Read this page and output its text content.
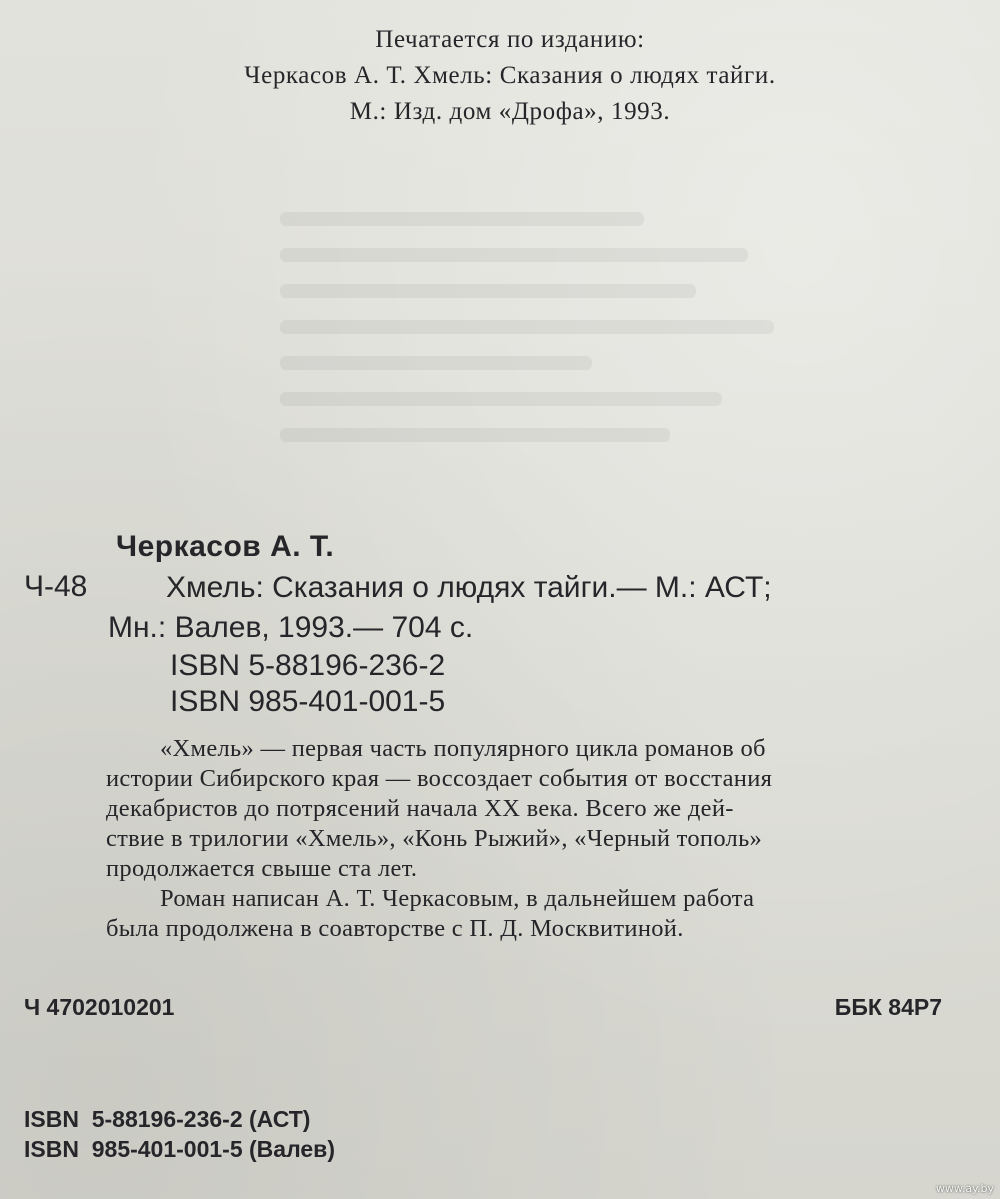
Печатается по изданию:
Черкасов А. Т. Хмель: Сказания о людях тайги.
М.: Изд. дом «Дрофа», 1993.
Черкасов А. Т.
Ч-48	Хмель: Сказания о людях тайги.— М.: АСТ;
Мн.: Валев, 1993.— 704 с.
ISBN 5-88196-236-2
ISBN 985-401-001-5
«Хмель» — первая часть популярного цикла романов об
истории Сибирского края — воссоздает события от восстания
декабристов до потрясений начала XX века. Всего же дей-
ствие в трилогии «Хмель», «Конь Рыжий», «Черный тополь»
продолжается свыше ста лет.
Роман написан А. Т. Черкасовым, в дальнейшем работа
была продолжена в соавторстве с П. Д. Москвитиной.
Ч 4702010201	ББК 84Р7
ISBN  5-88196-236-2 (АСТ)
ISBN  985-401-001-5 (Валев)
www.ay.by
